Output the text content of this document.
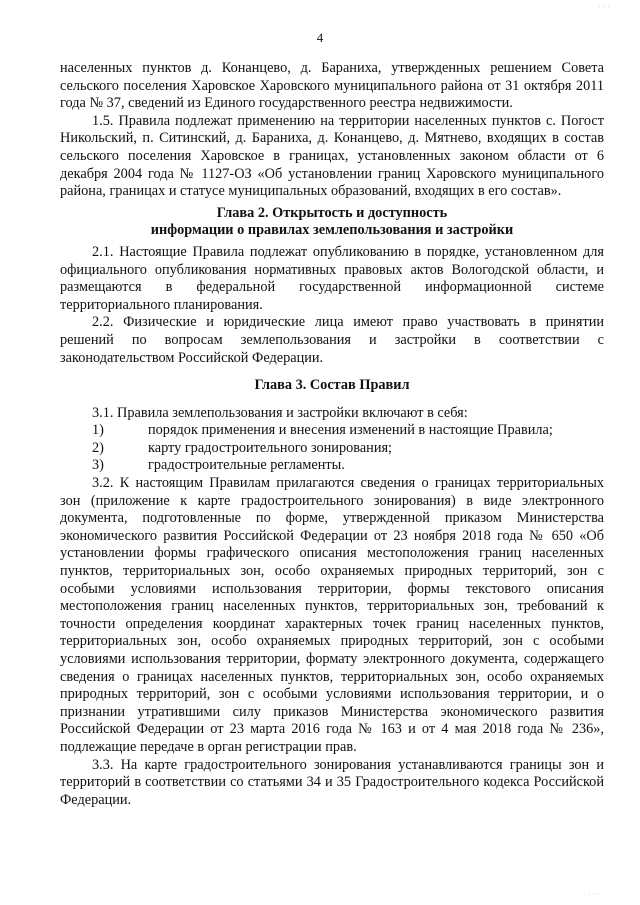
4

населенных пунктов д. Конанцево, д. Бараниха, утвержденных решением Совета сельского поселения Харовское Харовского муниципального района от 31 октября 2011 года № 37, сведений из Единого государственного реестра недвижимости.

1.5. Правила подлежат применению на территории населенных пунктов с. Погост Никольский, п. Ситинский, д. Бараниха, д. Конанцево, д. Мятнево, входящих в состав сельского поселения Харовское в границах, установленных законом области от 6 декабря 2004 года № 1127-ОЗ «Об установлении границ Харовского муниципального района, границах и статусе муниципальных образований, входящих в его состав».

Глава 2. Открытость и доступность
информации о правилах землепользования и застройки

2.1. Настоящие Правила подлежат опубликованию в порядке, установленном для официального опубликования нормативных правовых актов Вологодской области, и размещаются в федеральной государственной информационной системе территориального планирования.

2.2. Физические и юридические лица имеют право участвовать в принятии решений по вопросам землепользования и застройки в соответствии с законодательством Российской Федерации.

Глава 3. Состав Правил

3.1. Правила землепользования и застройки включают в себя:

1)	порядок применения и внесения изменений в настоящие Правила;
2)	карту градостроительного зонирования;
3)	градостроительные регламенты.

3.2. К настоящим Правилам прилагаются сведения о границах территориальных зон (приложение к карте градостроительного зонирования) в виде электронного документа, подготовленные по форме, утвержденной приказом Министерства экономического развития Российской Федерации от 23 ноября 2018 года № 650 «Об установлении формы графического описания местоположения границ населенных пунктов, территориальных зон, особо охраняемых природных территорий, зон с особыми условиями использования территории, формы текстового описания местоположения границ населенных пунктов, территориальных зон, требований к точности определения координат характерных точек границ населенных пунктов, территориальных зон, особо охраняемых природных территорий, зон с особыми условиями использования территории, формату электронного документа, содержащего сведения о границах населенных пунктов, территориальных зон, особо охраняемых природных территорий, зон с особыми условиями использования территории, и о признании утратившими силу приказов Министерства экономического развития Российской Федерации от 23 марта 2016 года № 163 и от 4 мая 2018 года № 236», подлежащие передаче в орган регистрации прав.

3.3. На карте градостроительного зонирования устанавливаются границы зон и территорий в соответствии со статьями 34 и 35 Градостроительного кодекса Российской Федерации.

· · ·
· · ·
